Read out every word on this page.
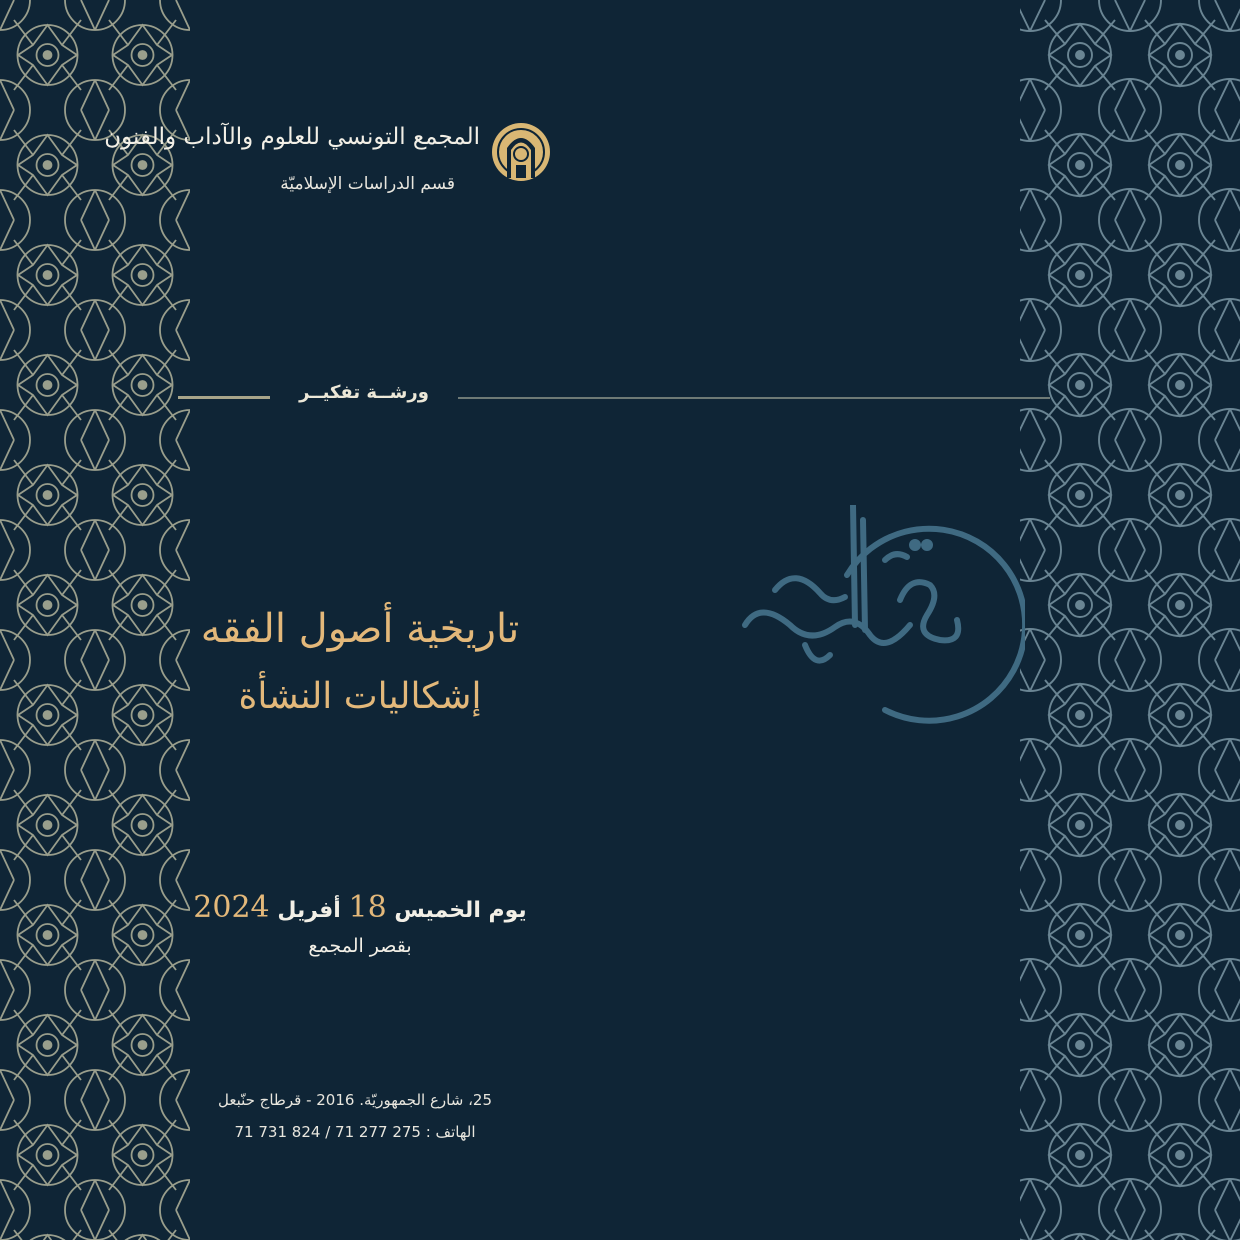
المجمع التونسي للعلوم والآداب والفنون
قسم الدراسات الإسلاميّة
ورشــة تفكيــر
تاريخية أصول الفقه
إشكاليات النشأة
يوم الخميس 18 أفريل 2024
بقصر المجمع
25، شارع الجمهوريّة. 2016 - قرطاج حنّبعل
الهاتف : 275 277 71 / 824 731 71
